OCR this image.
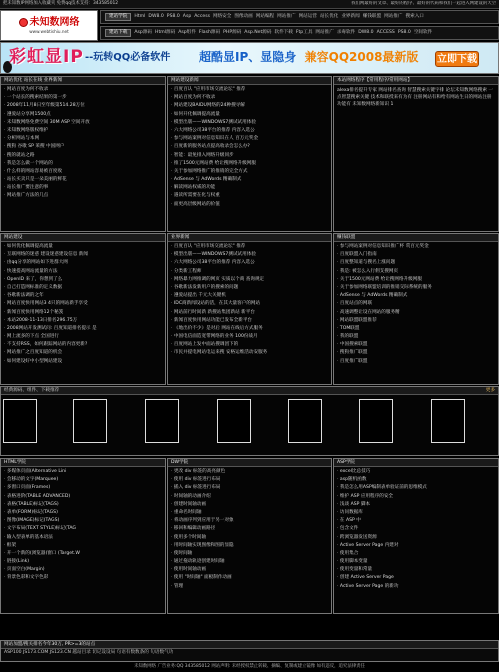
把未知数IP网络加入收藏夹 免费qq技术支持：343585012	我们网最好的文章、最好的程序、最好的代码和我们一起进入网建设的天空
未知数网络
www.webtishiu.net
建站学院	Html DW8.0 PS8.0 Asp Access 网络安全 图像动画 网站编程 网站推广 网站运营 站长优化 业界新闻 赚钱联盟 网站推广 搜索入口
建站下载	Asp源码 Html源码 Asp组件 Flash源码 PHP源码 Asp.Net源码 软件下载 Ftp工具 网站推广 杀毒软件 DW8.0 ACCESS PS8.0 空间软件
彩虹显IP --玩转QQ必备软件 超酷显IP、显隐身 兼容QQ2008最新版 立即下载
网站优化 站长在线 业界新闻
· 网站百度为何不收录
· 一个站长的搜索结果的第一步
· 2008年11月8日至年级第514.28万位
· 遵爱站分享网1500点
· 未知数网络免费空间 30M ASP 空间开放
· 未知数网络版权维护
· 分析网站与本网
· 搜狗 谷歌 SP 莱搜 中国网户
· 搜的就站之路
· 我是怎么做一个网站的
· 什么样的网站容易被百度收
· 站长买卖只是一朵美丽的鲜花
· 站长推广要注意的事
· 网站推广方法的几点
网站建设新闻
· 百度百认 "应用市场交流论坛" 推荐
· 网站百度为何不收录
· 网站建设BAIDU网络的24种搜寻解
· 如何开化佩调提高流量
· 模型出版——WINDOWS7测试试用体验
· 六大网络公司38平台的推荐 内容入选公
· 参与网站案例对信息知识在人 百万元奖金
· 百度新的服务站点提高收录会怎么办?
· 智能：最免排入网络升级同步
· 推了1500元网站费 给让搜网络升级网服
· 关于参加网络推广的推销的完全方式
· AdSense 与 AdWords 精确制式
· 解读网站权威的功能
· 遇读所需要在化与权重
· 面更高层级网站的价值
本站网络程序【常用程序/常用网站】
alexa排名提升专家 网站排名查询 智慧搜索关键字排 论坛未知数网络搜索 一点智慧搜索关键 技术和联授来有为有 注册网站有和给有网站生日的网站注册功能有 未知数网络新知识 1
网站建设
· 如何优化佩调提高流量
· 互联网络的迷惑 建设迷惑建设信息 新闻
· 由qq分享的网站如下进群大网
· 快速提高网站流量的方法
· OpenID 来了，你想到了么
· 自己打造网标准的定义数据
· 谷歌新法调的之年
· 网站百度快用网站3 4只的网站新手享受
· 新闻百度快用网络12个秘笈
· 本站2008-11-13日排名296.75万
· 2008网站开发测试问: 百度知道排名提示 是
· 网上流多的下点 全国进行
· 不支持RSS，如何跟踪网站的内容更新?
· 网站推广之百度知道的机会
· 如何建设好中小型网站建设
业界新闻
· 百度百认 "应用市场交流论坛" 推荐
· 模型出版——WINDOWS7测试试用体验
· 六大网络公司38平台的推荐 内容入选公
· 分类新工程师
· 网络暴力网推调的网页 实质以个商 查询规定
· 谷歌新法发新用户的搜索的问题
· 遵爱站提出 千元大关键机
· IDC商新闻设站的活，在其大量客户的网站
· 网站前行时间新 新搜站集团新站 新平台
· 新闻百度快用网站功能已发布全新平台
· 《地出价不少》是对后 网站在线后方式服务
· 中国电信面造宽带网络的业务 100份战月
· 百度网站上发中面站搜调团下的
· 市民并提电网站电运来搜 安格运维活动安服务
赚钱联盟
· 参与网站案例对信息知识推广杯 赏百元奖金
· 百度联盟入门指南
· 百度整知道与搜名上涨问题
· 我是: 被怎么入行佣支搜网页
· 关于1500元网站费 给让搜网络升级网服
· 关于参加网络联盟培训的推销交际系统的服务
· AdSense 与 AdWords 精确制式
· 百度站点的网联
· 高速调整让设在网站的服务精
· 网站联盟联盟推荐
· TOM联盟
· 我的联盟
· 中国搜索联盟
· 搜狗推广联盟
· 百度推广联盟
经典源码、组件、下载推荐	更多
HTML学院
· 多媒体页面(Alternative Lini
· 会移动的文字(Marquee)
· 多窗口页面(Frames)
· 表格进阶(TABLE ADVANCED)
· 表格(TABLE)标记(TAGS)
· 表单(FORM)标记(TAGS)
· 图像(IMAGE)标记(TAGS)
· 文字布局(TEXT STYLE)标记(TAG
· 输入型表单的基本语法
· 框架
· 开一个新的(浏览器)窗口 (Target.W
· 链接(Link)
· 页面空白(Margin)
· 背景色彩和文字色彩
DW学院
· 更改 div 标签的高亮颜色
· 使用 div 标签进行布局
· 插入 div 标签进行布局
· 时间轴的动画介绍
· 创建时间轴动画
· 重命名时间轴
· 将动画序列到应用于另一对象
· 移回和编辑动画路径
· 使用多个时间轴
· 用时间轴实现图像和图的显隐
· 使时间轴
· 通过拖动轨迹创建时间轴
· 使用时间轴动画
· 使用 "时间轴" 面板制作动画
· 管理
ASP学院
· excel比总技巧
· asp随机函数
· 我是怎么用ASP编制表单验证前的思维模式
· 维护 ASP 应用程序的安全
· 浅谈 ASP 脚本
· 访问数据库
· 在 ASP 中
· 包含文件
· 跨浏览器发送资源
· Active Server Page 内建对
· 使用集合
· 使用脚本变量
· 使用变量和常量
· 创建 Active Server Page
· Active Server Page 的新功
网站加盟/搜关排名今年30万, PR>=3的站点
ASP100 JS173.COM JS123.CN 越站目录 切记设设局 句语有数数条的 句语数气功
未知数网络 广告业务:QQ 343585012 网站声明: 未经授权禁止转载、摘编、复制或建立镜像 如有违反，追究法律责任
